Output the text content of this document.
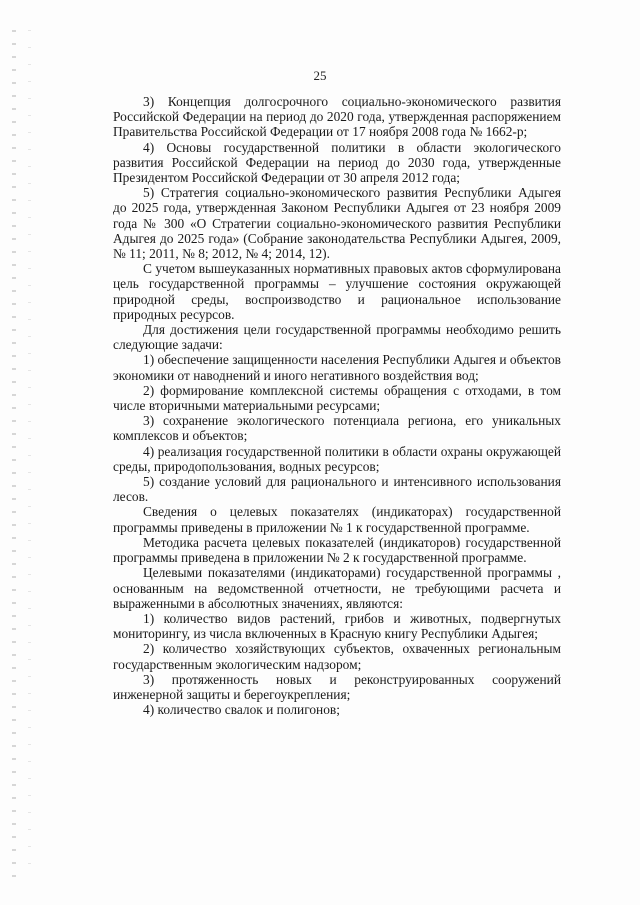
25

3) Концепция долгосрочного социально-экономического развития Российской Федерации на период до 2020 года, утвержденная распоряжением Правительства Российской Федерации от 17 ноября 2008 года № 1662-р;

4) Основы государственной политики в области экологического развития Российской Федерации на период до 2030 года, утвержденные Президентом Российской Федерации от 30 апреля 2012 года;

5) Стратегия социально-экономического развития Республики Адыгея до 2025 года, утвержденная Законом Республики Адыгея от 23 ноября 2009 года № 300 «О Стратегии социально-экономического развития Республики Адыгея до 2025 года» (Собрание законодательства Республики Адыгея, 2009, № 11; 2011, № 8; 2012, № 4; 2014, 12).

С учетом вышеуказанных нормативных правовых актов сформулирована цель государственной программы – улучшение состояния окружающей природной среды, воспроизводство и рациональное использование природных ресурсов.

Для достижения цели государственной программы необходимо решить следующие задачи:

1) обеспечение защищенности населения Республики Адыгея и объектов экономики от наводнений и иного негативного воздействия вод;

2) формирование комплексной системы обращения с отходами, в том числе вторичными материальными ресурсами;

3) сохранение экологического потенциала региона, его уникальных комплексов и объектов;

4) реализация государственной политики в области охраны окружающей среды, природопользования, водных ресурсов;

5) создание условий для рационального и интенсивного использования лесов.

Сведения о целевых показателях (индикаторах) государственной программы приведены в приложении № 1 к государственной программе.

Методика расчета целевых показателей (индикаторов) государственной программы приведена в приложении № 2 к государственной программе.

Целевыми показателями (индикаторами) государственной программы , основанным на ведомственной отчетности, не требующими расчета и выраженными в абсолютных значениях, являются:

1) количество видов растений, грибов и животных, подвергнутых мониторингу, из числа включенных в Красную книгу Республики Адыгея;

2) количество хозяйствующих субъектов, охваченных региональным государственным экологическим надзором;

3) протяженность новых и реконструированных сооружений инженерной защиты и берегоукрепления;

4) количество свалок и полигонов;
